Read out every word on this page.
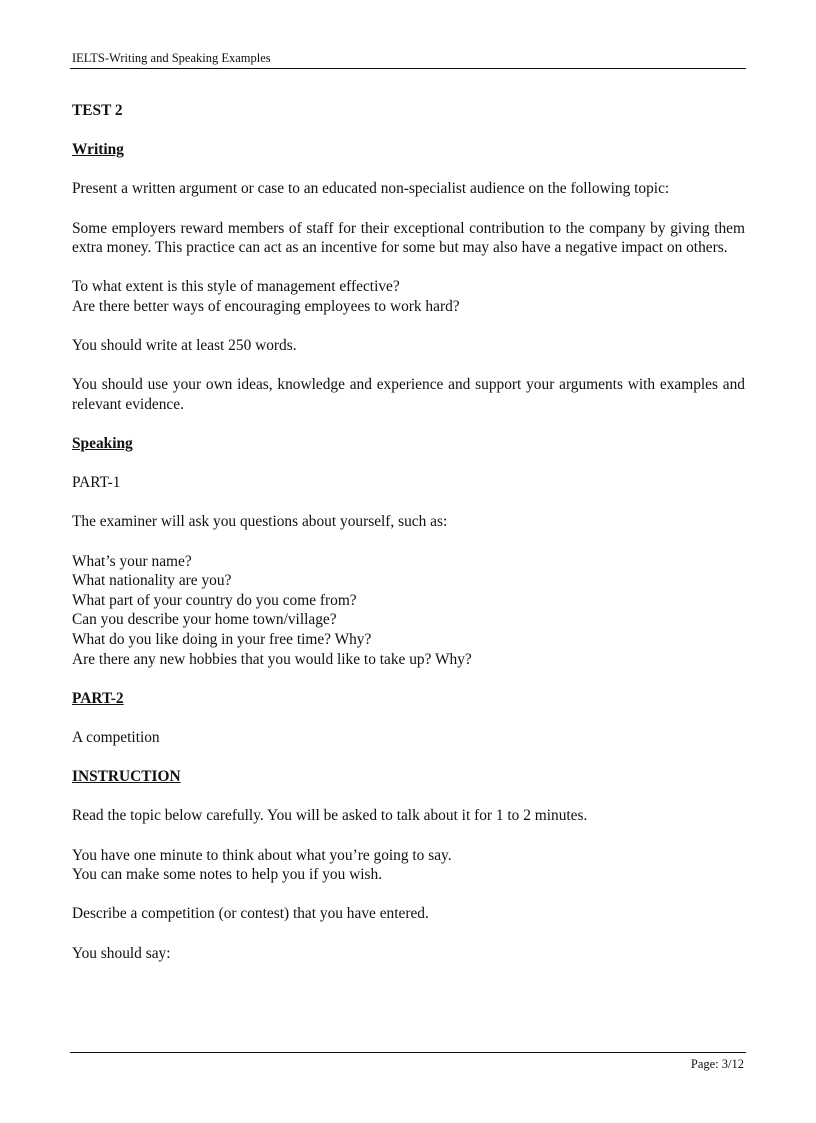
IELTS-Writing and Speaking Examples

TEST 2

Writing

Present a written argument or case to an educated non-specialist audience on the following topic:

Some employers reward members of staff for their exceptional contribution to the company by giving them extra money. This practice can act as an incentive for some but may also have a negative impact on others.

To what extent is this style of management effective?
Are there better ways of encouraging employees to work hard?

You should write at least 250 words.

You should use your own ideas, knowledge and experience and support your arguments with examples and relevant evidence.

Speaking

PART-1

The examiner will ask you questions about yourself, such as:

What’s your name?
What nationality are you?
What part of your country do you come from?
Can you describe your home town/village?
What do you like doing in your free time? Why?
Are there any new hobbies that you would like to take up? Why?

PART-2

A competition

INSTRUCTION

Read the topic below carefully. You will be asked to talk about it for 1 to 2 minutes.

You have one minute to think about what you’re going to say.
You can make some notes to help you if you wish.

Describe a competition (or contest) that you have entered.

You should say:

Page: 3/12
